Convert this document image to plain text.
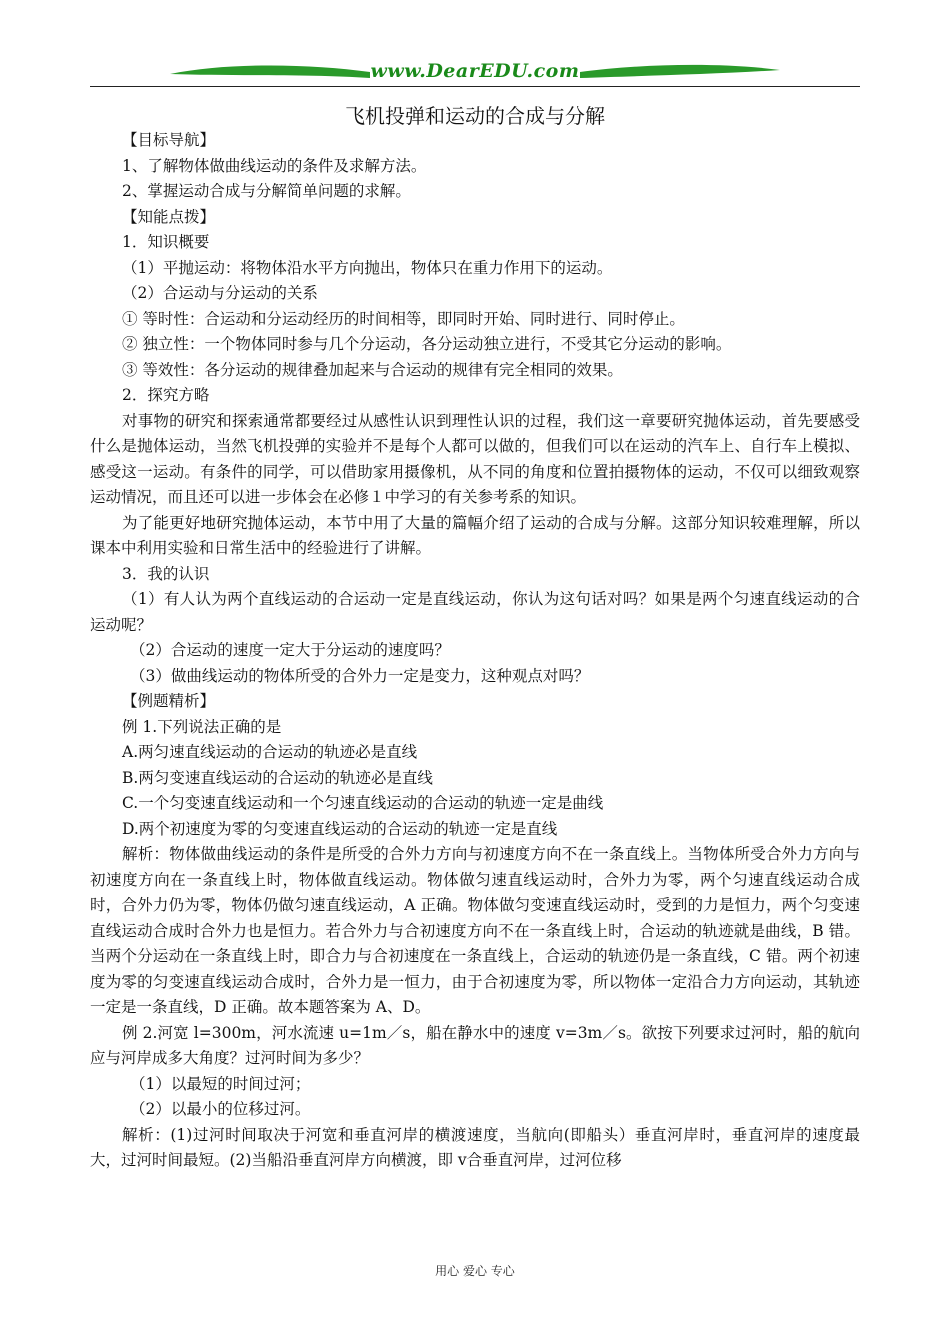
www.DearEDU.com
飞机投弹和运动的合成与分解

【目标导航】

1、了解物体做曲线运动的条件及求解方法。

2、掌握运动合成与分解简单问题的求解。

【知能点拨】

1．知识概要

（1）平抛运动：将物体沿水平方向抛出，物体只在重力作用下的运动。

（2）合运动与分运动的关系

① 等时性：合运动和分运动经历的时间相等，即同时开始、同时进行、同时停止。

② 独立性：一个物体同时参与几个分运动，各分运动独立进行，不受其它分运动的影响。

③ 等效性：各分运动的规律叠加起来与合运动的规律有完全相同的效果。

2．探究方略

对事物的研究和探索通常都要经过从感性认识到理性认识的过程，我们这一章要研究抛体运动，首先要感受什么是抛体运动，当然飞机投弹的实验并不是每个人都可以做的，但我们可以在运动的汽车上、自行车上模拟、感受这一运动。有条件的同学，可以借助家用摄像机，从不同的角度和位置拍摄物体的运动，不仅可以细致观察运动情况，而且还可以进一步体会在必修１中学习的有关参考系的知识。

为了能更好地研究抛体运动，本节中用了大量的篇幅介绍了运动的合成与分解。这部分知识较难理解，所以课本中利用实验和日常生活中的经验进行了讲解。

3．我的认识

（1）有人认为两个直线运动的合运动一定是直线运动，你认为这句话对吗？如果是两个匀速直线运动的合运动呢？

（2）合运动的速度一定大于分运动的速度吗？

（3）做曲线运动的物体所受的合外力一定是变力，这种观点对吗？

【例题精析】

例 1.下列说法正确的是

A.两匀速直线运动的合运动的轨迹必是直线

B.两匀变速直线运动的合运动的轨迹必是直线

C.一个匀变速直线运动和一个匀速直线运动的合运动的轨迹一定是曲线

D.两个初速度为零的匀变速直线运动的合运动的轨迹一定是直线

解析：物体做曲线运动的条件是所受的合外力方向与初速度方向不在一条直线上。当物体所受合外力方向与初速度方向在一条直线上时，物体做直线运动。物体做匀速直线运动时，合外力为零，两个匀速直线运动合成时，合外力仍为零，物体仍做匀速直线运动，A 正确。物体做匀变速直线运动时，受到的力是恒力，两个匀变速直线运动合成时合外力也是恒力。若合外力与合初速度方向不在一条直线上时，合运动的轨迹就是曲线，B 错。当两个分运动在一条直线上时，即合力与合初速度在一条直线上，合运动的轨迹仍是一条直线，C 错。两个初速度为零的匀变速直线运动合成时，合外力是一恒力，由于合初速度为零，所以物体一定沿合力方向运动，其轨迹一定是一条直线，D 正确。故本题答案为 A、D。

例 2.河宽 l=300m，河水流速 u=1m／s，船在静水中的速度 v=3m／s。欲按下列要求过河时，船的航向应与河岸成多大角度？过河时间为多少？

（1）以最短的时间过河；

（2）以最小的位移过河。

解析：(1)过河时间取决于河宽和垂直河岸的横渡速度，当航向(即船头）垂直河岸时，垂直河岸的速度最大，过河时间最短。(2)当船沿垂直河岸方向横渡，即 v合垂直河岸，过河位移

用心 爱心 专心
